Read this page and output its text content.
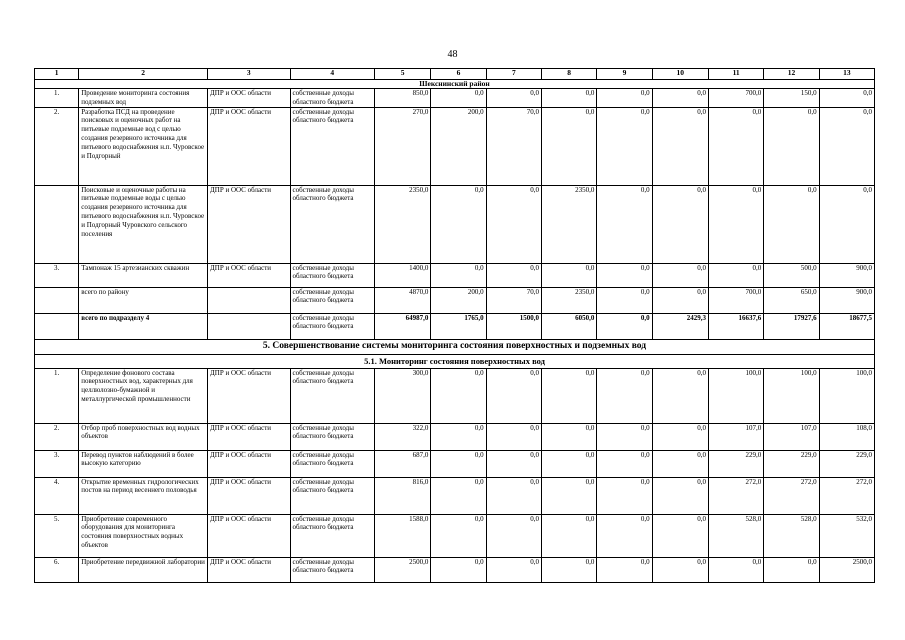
48
1	2	3	4	5	6	7	8	9	10	11	12	13
Шекснинский район												
1.	Проведение мониторинга состояния подземных вод	ДПР и ООС области	собственные доходы областного бюджета	850,0	0,0	0,0	0,0	0,0	0,0	700,0	150,0	0,0
2.	Разработка ПСД на проведение поисковых и оценочных работ на питьевые подземные вод с целью создания резервного источника для питьевого водоснабжения н.п. Чуровское и Подгорный	ДПР и ООС области	собственные доходы областного бюджета	270,0	200,0	70,0	0,0	0,0	0,0	0,0	0,0	0,0
	Поисковые и оценочные работы на питьевые подземные воды с целью создания резервного источника для питьевого водоснабжения н.п. Чуровское и Подгорный Чуровского сельского поселения	ДПР и ООС области	собственные доходы областного бюджета	2350,0	0,0	0,0	2350,0	0,0	0,0	0,0	0,0	0,0
3.	Тампонаж 15 артезианских скважин	ДПР и ООС области	собственные доходы областного бюджета	1400,0	0,0	0,0	0,0	0,0	0,0	0,0	500,0	900,0
	всего по району		собственные доходы областного бюджета	4870,0	200,0	70,0	2350,0	0,0	0,0	700,0	650,0	900,0
	всего по подразделу 4		собственные доходы областного бюджета	64987,0	1765,0	1500,0	6050,0	0,0	2429,3	16637,6	17927,6	18677,5
5. Совершенствование системы мониторинга состояния поверхностных и подземных вод												
5.1. Мониторинг состояния поверхностных вод												
1.	Определение фонового состава поверхностных вод, характерных для целлюлозно-бумажной и металлургической промышленности	ДПР и ООС области	собственные доходы областного бюджета	300,0	0,0	0,0	0,0	0,0	0,0	100,0	100,0	100,0
2.	Отбор проб поверхностных вод водных объектов	ДПР и ООС области	собственные доходы областного бюджета	322,0	0,0	0,0	0,0	0,0	0,0	107,0	107,0	108,0
3.	Перевод пунктов наблюдений в более высокую категорию	ДПР и ООС области	собственные доходы областного бюджета	687,0	0,0	0,0	0,0	0,0	0,0	229,0	229,0	229,0
4.	Открытие временных гидрологических постов на период весеннего половодья	ДПР и ООС области	собственные доходы областного бюджета	816,0	0,0	0,0	0,0	0,0	0,0	272,0	272,0	272,0
5.	Приобретение современного оборудования для мониторинга состояния поверхностных водных объектов	ДПР и ООС области	собственные доходы областного бюджета	1588,0	0,0	0,0	0,0	0,0	0,0	528,0	528,0	532,0
6.	Приобретение передвижной лаборатории	ДПР и ООС области	собственные доходы областного бюджета	2500,0	0,0	0,0	0,0	0,0	0,0	0,0	0,0	2500,0
